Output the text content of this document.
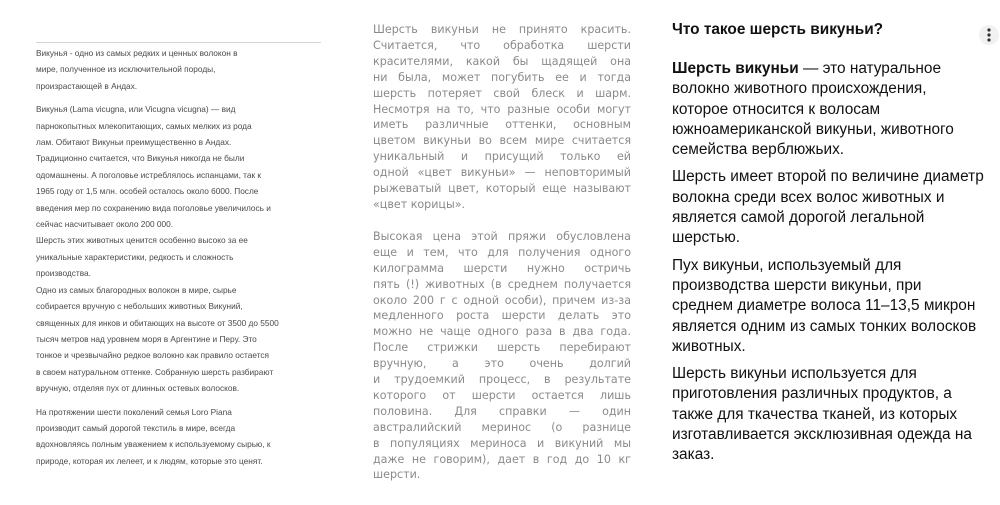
Викунья - одно из самых редких и ценных волокон в
мире, полученное из исключительной породы,
произрастающей в Андах.

Викунья (Lama vicugna, или Vicugna vicugna) — вид
парнокопытных млекопитающих, самых мелких из рода
лам. Обитают Викуньи преимущественно в Андах.
Традиционно считается, что Викунья никогда не были
одомашнены. А поголовье истреблялось испанцами, так к
1965 году от 1,5 млн. особей осталось около 6000. После
введения мер по сохранению вида поголовье увеличилось и
сейчас насчитывает около 200 000.
Шерсть этих животных ценится особенно высоко за ее
уникальные характеристики, редкость и сложность
производства.
Одно из самых благородных волокон в мире, сырье
собирается вручную с небольших животных Викуний,
священных для инков и обитающих на высоте от 3500 до 5500
тысяч метров над уровнем моря в Аргентине и Перу. Это
тонкое и чрезвычайно редкое волокно как правило остается
в своем натуральном оттенке. Собранную шерсть разбирают
вручную, отделяя пух от длинных остевых волосков.

На протяжении шести поколений семья Loro Piana
производит самый дорогой текстиль в мире, всегда
вдохновляясь полным уважением к используемому сырью, к
природе, которая их лелеет, и к людям, которые это ценят.

Шерсть викуньи не принято красить.
Считается, что обработка шерсти
красителями, какой бы щадящей она
ни была, может погубить ее и тогда
шерсть потеряет свой блеск и шарм.
Несмотря на то, что разные особи могут
иметь различные оттенки, основным
цветом викуньи во всем мире считается
уникальный и присущий только ей
одной «цвет викуньи» — неповторимый
рыжеватый цвет, который еще называют
«цвет корицы».

Высокая цена этой пряжи обусловлена
еще и тем, что для получения одного
килограмма шерсти нужно остричь
пять (!) животных (в среднем получается
около 200 г с одной особи), причем из-за
медленного роста шерсти делать это
можно не чаще одного раза в два года.
После стрижки шерсть перебирают
вручную, а это очень долгий
и трудоемкий процесс, в результате
которого от шерсти остается лишь
половина. Для справки — один
австралийский меринос (о разнице
в популяциях мериноса и викуний мы
даже не говорим), дает в год до 10 кг
шерсти.

Что такое шерсть викуньи?

Шерсть викуньи — это натуральное
волокно животного происхождения,
которое относится к волосам
южноамериканской викуньи, животного
семейства верблюжьих.

Шерсть имеет второй по величине диаметр
волокна среди всех волос животных и
является самой дорогой легальной
шерстью.

Пух викуньи, используемый для
производства шерсти викуньи, при
среднем диаметре волоса 11–13,5 микрон
является одним из самых тонких волосков
животных.

Шерсть викуньи используется для
приготовления различных продуктов, а
также для ткачества тканей, из которых
изготавливается эксклюзивная одежда на
заказ.
